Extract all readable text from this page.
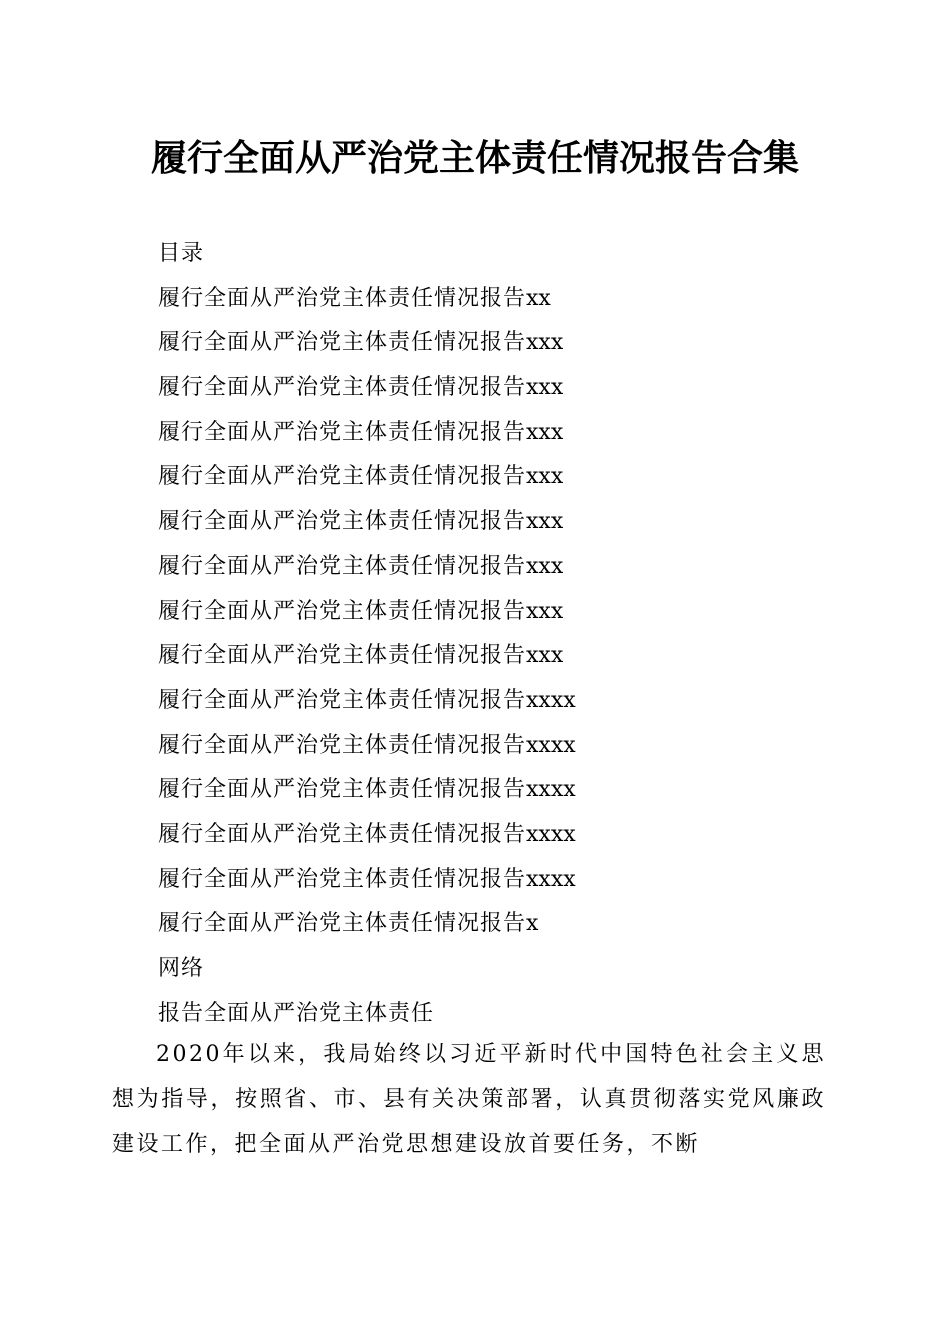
履行全面从严治党主体责任情况报告合集
目录
履行全面从严治党主体责任情况报告xx
履行全面从严治党主体责任情况报告xxx
履行全面从严治党主体责任情况报告xxx
履行全面从严治党主体责任情况报告xxx
履行全面从严治党主体责任情况报告xxx
履行全面从严治党主体责任情况报告xxx
履行全面从严治党主体责任情况报告xxx
履行全面从严治党主体责任情况报告xxx
履行全面从严治党主体责任情况报告xxx
履行全面从严治党主体责任情况报告xxxx
履行全面从严治党主体责任情况报告xxxx
履行全面从严治党主体责任情况报告xxxx
履行全面从严治党主体责任情况报告xxxx
履行全面从严治党主体责任情况报告xxxx
履行全面从严治党主体责任情况报告x
网络
报告全面从严治党主体责任
2020年以来，我局始终以习近平新时代中国特色社会主义思想为指导，按照省、市、县有关决策部署，认真贯彻落实党风廉政建设工作，把全面从严治党思想建设放首要任务，不断
